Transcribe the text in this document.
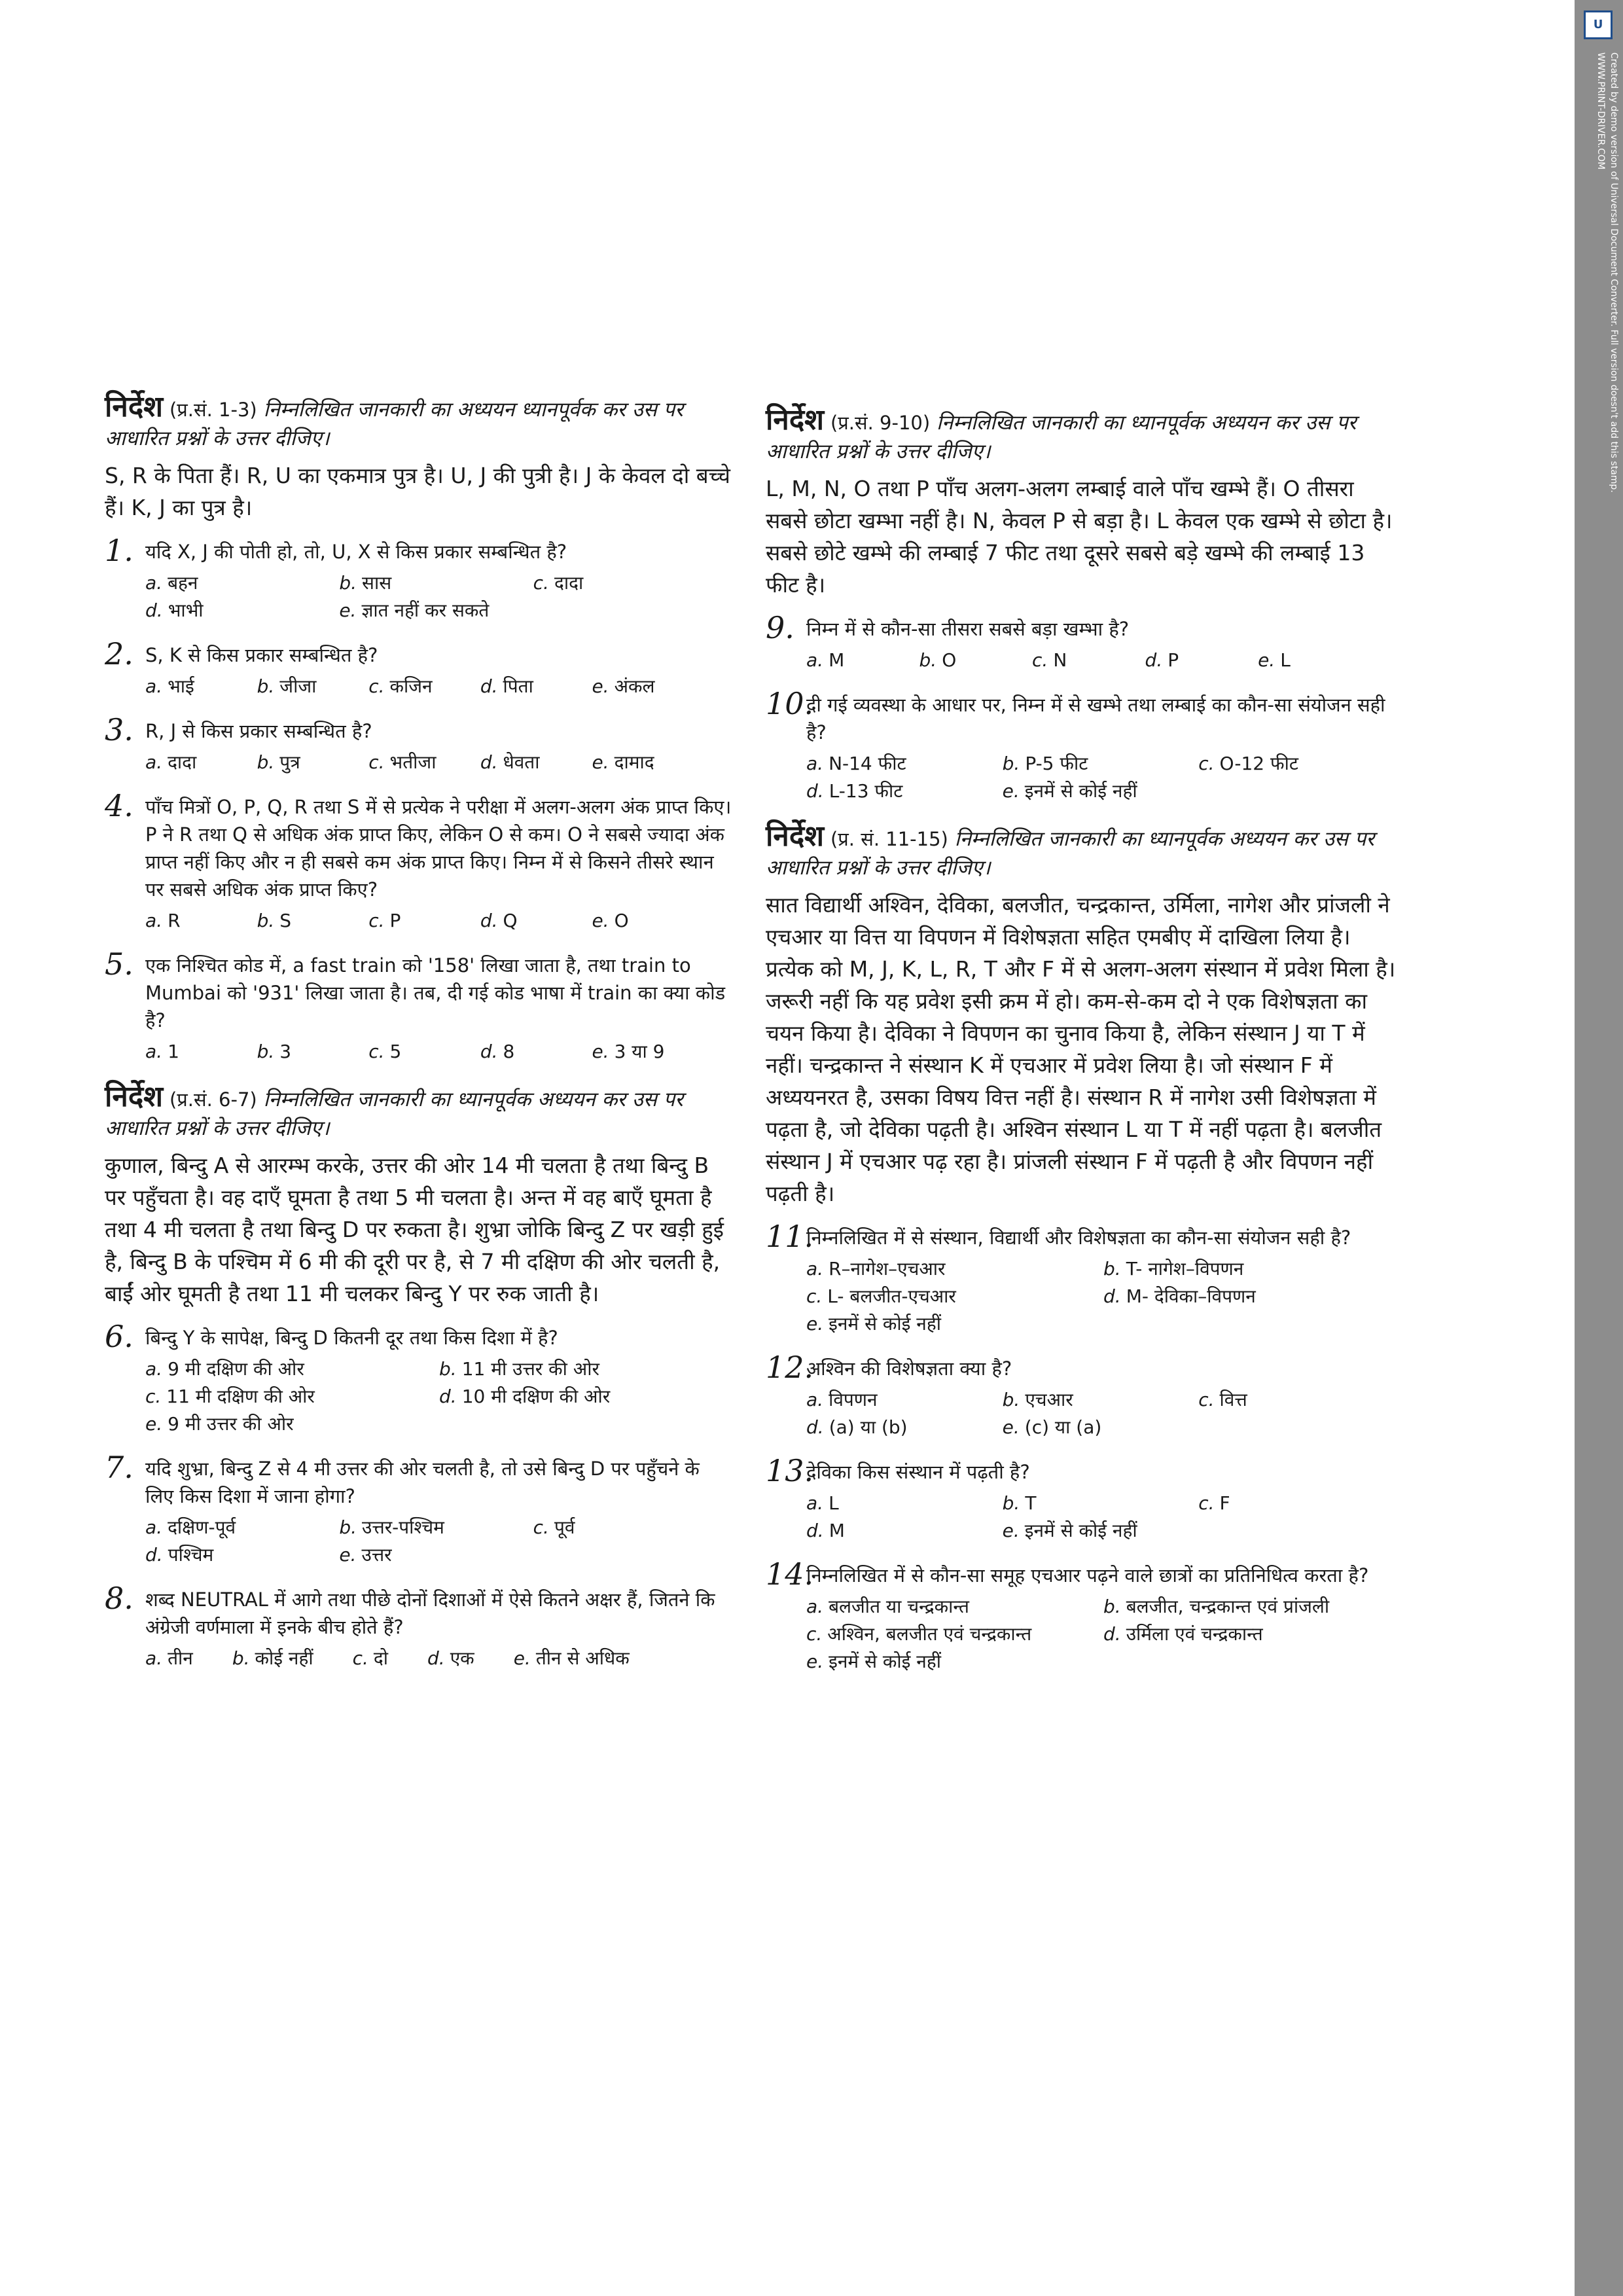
U
Created by demo version of Universal Document Converter. Full version doesn't add this stamp.
WWW.PRINT-DRIVER.COM
निर्देश (प्र.सं. 1-3) निम्नलिखित जानकारी का अध्ययन ध्यानपूर्वक कर उस पर आधारित प्रश्नों के उत्तर दीजिए।
S, R के पिता हैं। R, U का एकमात्र पुत्र है। U, J की पुत्री है। J के केवल दो बच्चे हैं। K, J का पुत्र है।
1. यदि X, J की पोती हो, तो, U, X से किस प्रकार सम्बन्धित है?
a. बहन	b. सास	c. दादा
d. भाभी	e. ज्ञात नहीं कर सकते
2. S, K से किस प्रकार सम्बन्धित है?
a. भाई	b. जीजा	c. कजिन	d. पिता	e. अंकल
3. R, J से किस प्रकार सम्बन्धित है?
a. दादा	b. पुत्र	c. भतीजा	d. धेवता	e. दामाद
4. पाँच मित्रों O, P, Q, R तथा S में से प्रत्येक ने परीक्षा में अलग-अलग अंक प्राप्त किए। P ने R तथा Q से अधिक अंक प्राप्त किए, लेकिन O से कम। O ने सबसे ज्यादा अंक प्राप्त नहीं किए और न ही सबसे कम अंक प्राप्त किए। निम्न में से किसने तीसरे स्थान पर सबसे अधिक अंक प्राप्त किए?
a. R	b. S	c. P	d. Q	e. O
5. एक निश्चित कोड में, a fast train को '158' लिखा जाता है, तथा train to Mumbai को '931' लिखा जाता है। तब, दी गई कोड भाषा में train का क्या कोड है?
a. 1	b. 3	c. 5	d. 8	e. 3 या 9
निर्देश (प्र.सं. 6-7) निम्नलिखित जानकारी का ध्यानपूर्वक अध्ययन कर उस पर आधारित प्रश्नों के उत्तर दीजिए।
कुणाल, बिन्दु A से आरम्भ करके, उत्तर की ओर 14 मी चलता है तथा बिन्दु B पर पहुँचता है। वह दाएँ घूमता है तथा 5 मी चलता है। अन्त में वह बाएँ घूमता है तथा 4 मी चलता है तथा बिन्दु D पर रुकता है। शुभ्रा जोकि बिन्दु Z पर खड़ी हुई है, बिन्दु B के पश्चिम में 6 मी की दूरी पर है, से 7 मी दक्षिण की ओर चलती है, बाईं ओर घूमती है तथा 11 मी चलकर बिन्दु Y पर रुक जाती है।
6. बिन्दु Y के सापेक्ष, बिन्दु D कितनी दूर तथा किस दिशा में है?
a. 9 मी दक्षिण की ओर	b. 11 मी उत्तर की ओर
c. 11 मी दक्षिण की ओर	d. 10 मी दक्षिण की ओर
e. 9 मी उत्तर की ओर
7. यदि शुभ्रा, बिन्दु Z से 4 मी उत्तर की ओर चलती है, तो उसे बिन्दु D पर पहुँचने के लिए किस दिशा में जाना होगा?
a. दक्षिण-पूर्व	b. उत्तर-पश्चिम	c. पूर्व
d. पश्चिम	e. उत्तर
8. शब्द NEUTRAL में आगे तथा पीछे दोनों दिशाओं में ऐसे कितने अक्षर हैं, जितने कि अंग्रेजी वर्णमाला में इनके बीच होते हैं?
a. तीन b. कोई नहीं c. दो d. एक e. तीन से अधिक
निर्देश (प्र.सं. 9-10) निम्नलिखित जानकारी का ध्यानपूर्वक अध्ययन कर उस पर आधारित प्रश्नों के उत्तर दीजिए।
L, M, N, O तथा P पाँच अलग-अलग लम्बाई वाले पाँच खम्भे हैं। O तीसरा सबसे छोटा खम्भा नहीं है। N, केवल P से बड़ा है। L केवल एक खम्भे से छोटा है। सबसे छोटे खम्भे की लम्बाई 7 फीट तथा दूसरे सबसे बड़े खम्भे की लम्बाई 13 फीट है।
9. निम्न में से कौन-सा तीसरा सबसे बड़ा खम्भा है?
a. M	b. O	c. N	d. P	e. L
10.
दी गई व्यवस्था के आधार पर, निम्न में से खम्भे तथा लम्बाई का कौन-सा संयोजन सही है?
a. N-14 फीट	b. P-5 फीट	c. O-12 फीट
d. L-13 फीट	e. इनमें से कोई नहीं
निर्देश (प्र. सं. 11-15) निम्नलिखित जानकारी का ध्यानपूर्वक अध्ययन कर उस पर आधारित प्रश्नों के उत्तर दीजिए।
सात विद्यार्थी अश्विन, देविका, बलजीत, चन्द्रकान्त, उर्मिला, नागेश और प्रांजली ने एचआर या वित्त या विपणन में विशेषज्ञता सहित एमबीए में दाखिला लिया है। प्रत्येक को M, J, K, L, R, T और F में से अलग-अलग संस्थान में प्रवेश मिला है। जरूरी नहीं कि यह प्रवेश इसी क्रम में हो। कम-से-कम दो ने एक विशेषज्ञता का चयन किया है। देविका ने विपणन का चुनाव किया है, लेकिन संस्थान J या T में नहीं। चन्द्रकान्त ने संस्थान K में एचआर में प्रवेश लिया है। जो संस्थान F में अध्ययनरत है, उसका विषय वित्त नहीं है। संस्थान R में नागेश उसी विशेषज्ञता में पढ़ता है, जो देविका पढ़ती है। अश्विन संस्थान L या T में नहीं पढ़ता है। बलजीत संस्थान J में एचआर पढ़ रहा है। प्रांजली संस्थान F में पढ़ती है और विपणन नहीं पढ़ती है।
11.
निम्नलिखित में से संस्थान, विद्यार्थी और विशेषज्ञता का कौन-सा संयोजन सही है?
a. R–नागेश–एचआर	b. T- नागेश–विपणन
c. L- बलजीत-एचआर	d. M- देविका–विपणन
e. इनमें से कोई नहीं
12.
अश्विन की विशेषज्ञता क्या है?
a. विपणन	b. एचआर	c. वित्त
d. (a) या (b)	e. (c) या (a)
13.
देविका किस संस्थान में पढ़ती है?
a. L	b. T	c. F
d. M	e. इनमें से कोई नहीं
14.
निम्नलिखित में से कौन-सा समूह एचआर पढ़ने वाले छात्रों का प्रतिनिधित्व करता है?
a. बलजीत या चन्द्रकान्त	b. बलजीत, चन्द्रकान्त एवं प्रांजली
c. अश्विन, बलजीत एवं चन्द्रकान्त	d. उर्मिला एवं चन्द्रकान्त
e. इनमें से कोई नहीं
